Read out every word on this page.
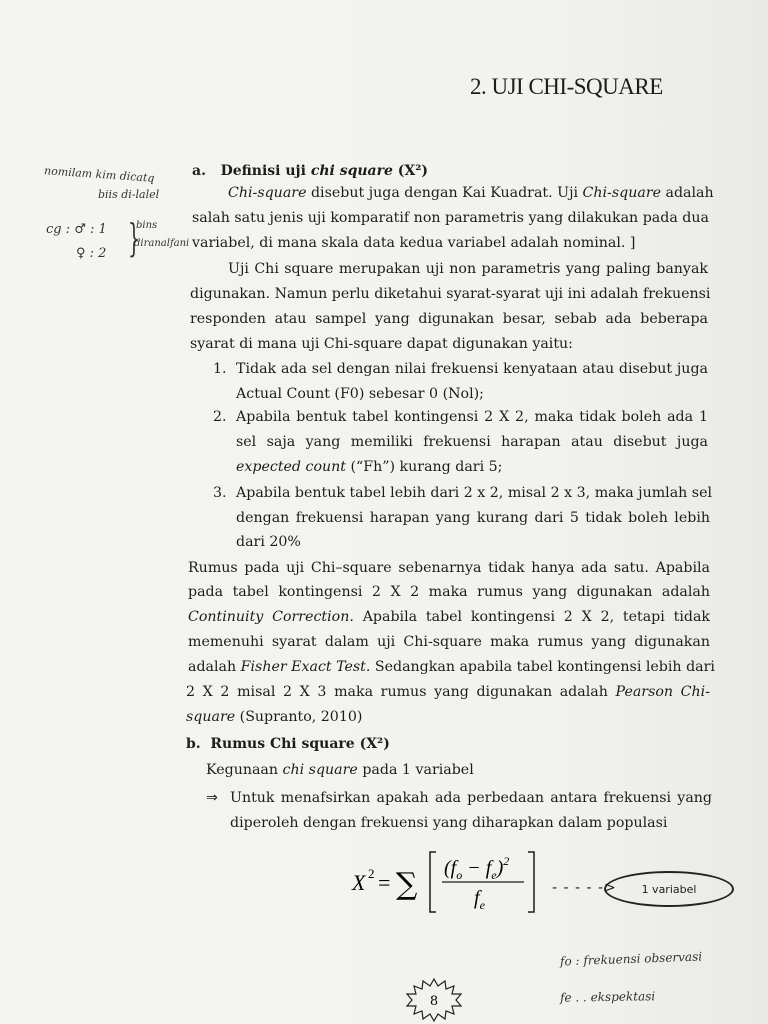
2. UJI CHI-SQUARE
nomilam kim dicatq
biis di-lalel
cg : ♂ : 1
♀ : 2 }
bins
diranalfani
a. Definisi uji chi square (X²)
Chi-square disebut juga dengan Kai Kuadrat. Uji Chi-square adalah
salah satu jenis uji komparatif non parametris yang dilakukan pada dua
variabel, di mana skala data kedua variabel adalah nominal. ]
Uji Chi square merupakan uji non parametris yang paling banyak
digunakan. Namun perlu diketahui syarat-syarat uji ini adalah frekuensi
responden atau sampel yang digunakan besar, sebab ada beberapa
syarat di mana uji Chi-square dapat digunakan yaitu:
1. Tidak ada sel dengan nilai frekuensi kenyataan atau disebut juga
Actual Count (F0) sebesar 0 (Nol);
2. Apabila bentuk tabel kontingensi 2 X 2, maka tidak boleh ada 1
sel saja yang memiliki frekuensi harapan atau disebut juga
expected count (“Fh”) kurang dari 5;
3. Apabila bentuk tabel lebih dari 2 x 2, misal 2 x 3, maka jumlah sel
dengan frekuensi harapan yang kurang dari 5 tidak boleh lebih
dari 20%
Rumus pada uji Chi–square sebenarnya tidak hanya ada satu. Apabila
pada tabel kontingensi 2 X 2 maka rumus yang digunakan adalah
Continuity Correction. Apabila tabel kontingensi 2 X 2, tetapi tidak
memenuhi syarat dalam uji Chi-square maka rumus yang digunakan
adalah Fisher Exact Test. Sedangkan apabila tabel kontingensi lebih dari
2 X 2 misal 2 X 3 maka rumus yang digunakan adalah Pearson Chi-
square (Supranto, 2010)
b. Rumus Chi square (X²)
Kegunaan chi square pada 1 variabel
⇒ Untuk menafsirkan apakah ada perbedaan antara frekuensi yang
diperoleh dengan frekuensi yang diharapkan dalam populasi
X 2 = ∑ $(f_o - f_e)^2$
$f_e$
- - - - ->	1 variabel
fo : frekuensi observasi
fe . . ekspektasi
8
